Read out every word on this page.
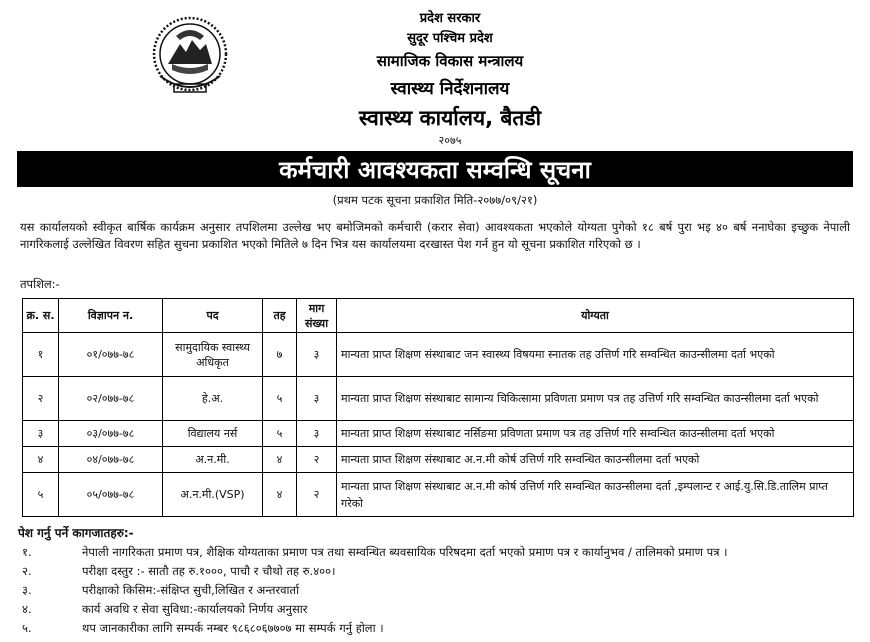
प्रदेश सरकार
सुदूर पश्चिम प्रदेश
सामाजिक विकास मन्त्रालय
स्वास्थ्य निर्देशनालय
स्वास्थ्य कार्यालय, बैतडी
२०७५
कर्मचारी आवश्यकता सम्वन्धि सूचना
(प्रथम पटक सूचना प्रकाशित मिति-२०७७/०९/२१)
यस कार्यालयको स्वीकृत बार्षिक कार्यक्रम अनुसार तपशिलमा उल्लेख भए बमोजिमको कर्मचारी (करार सेवा) आवश्यकता भएकोले योग्यता पुगेको १८ बर्ष पुरा भइ ४० बर्ष ननाघेका इच्छुक नेपाली नागरिकलाई उल्लेखित विवरण सहित सुचना प्रकाशित भएको मितिले ७ दिन भित्र यस कार्यालयमा दरखास्त पेश गर्न हुन यो सूचना प्रकाशित गरिएको छ ।
तपशिल:-
क्र. स.	विज्ञापन न.	पद	तह	माग संख्या	योग्यता
१	०१/०७७-७८	सामुदायिक स्वास्थ्य अधिकृत	७	३	मान्यता प्राप्त शिक्षण संस्थाबाट जन स्वास्थ्य विषयमा स्नातक तह उत्तिर्ण गरि सम्वन्धित काउन्सीलमा दर्ता भएको
२	०२/०७७-७८	हे.अ.	५	३	मान्यता प्राप्त शिक्षण संस्थाबाट सामान्य चिकित्सामा प्रविणता प्रमाण पत्र तह उत्तिर्ण गरि सम्वन्धित काउन्सीलमा दर्ता भएको
३	०३/०७७-७८	विद्यालय नर्स	५	३	मान्यता प्राप्त शिक्षण संस्थाबाट नर्सिङमा प्रविणता प्रमाण पत्र तह उत्तिर्ण गरि सम्वन्धित काउन्सीलमा दर्ता भएको
४	०४/०७७-७८	अ.न.मी.	४	२	मान्यता प्राप्त शिक्षण संस्थाबाट अ.न.मी कोर्ष उत्तिर्ण गरि सम्वन्धित काउन्सीलमा दर्ता भएको
५	०५/०७७-७८	अ.न.मी.(VSP)	४	२	मान्यता प्राप्त शिक्षण संस्थाबाट अ.न.मी कोर्ष उत्तिर्ण गरि सम्वन्धित काउन्सीलमा दर्ता ,इम्पलान्ट र आई.यु.सि.डि.तालिम प्राप्त गरेको
पेश गर्नु पर्ने कागजातहरु:-
१.	नेपाली नागरिकता प्रमाण पत्र, शैक्षिक योग्यताका प्रमाण पत्र तथा सम्वन्धित ब्यवसायिक परिषदमा दर्ता भएको प्रमाण पत्र र कार्यानुभव / तालिमको प्रमाण पत्र ।
२.	परीक्षा दस्तुर :- सातौ तह रु.१०००, पाचौ र चौथो तह रु.४००।
३.	परीक्षाको किसिम:-संक्षिप्त सुची,लिखित र अन्तरवार्ता
४.	कार्य अवधि र सेवा सुविधा:-कार्यालयको निर्णय अनुसार
५.	थप जानकारीका लागि सम्पर्क नम्बर ९८६८०६७७०७ मा सम्पर्क गर्नु होला ।
